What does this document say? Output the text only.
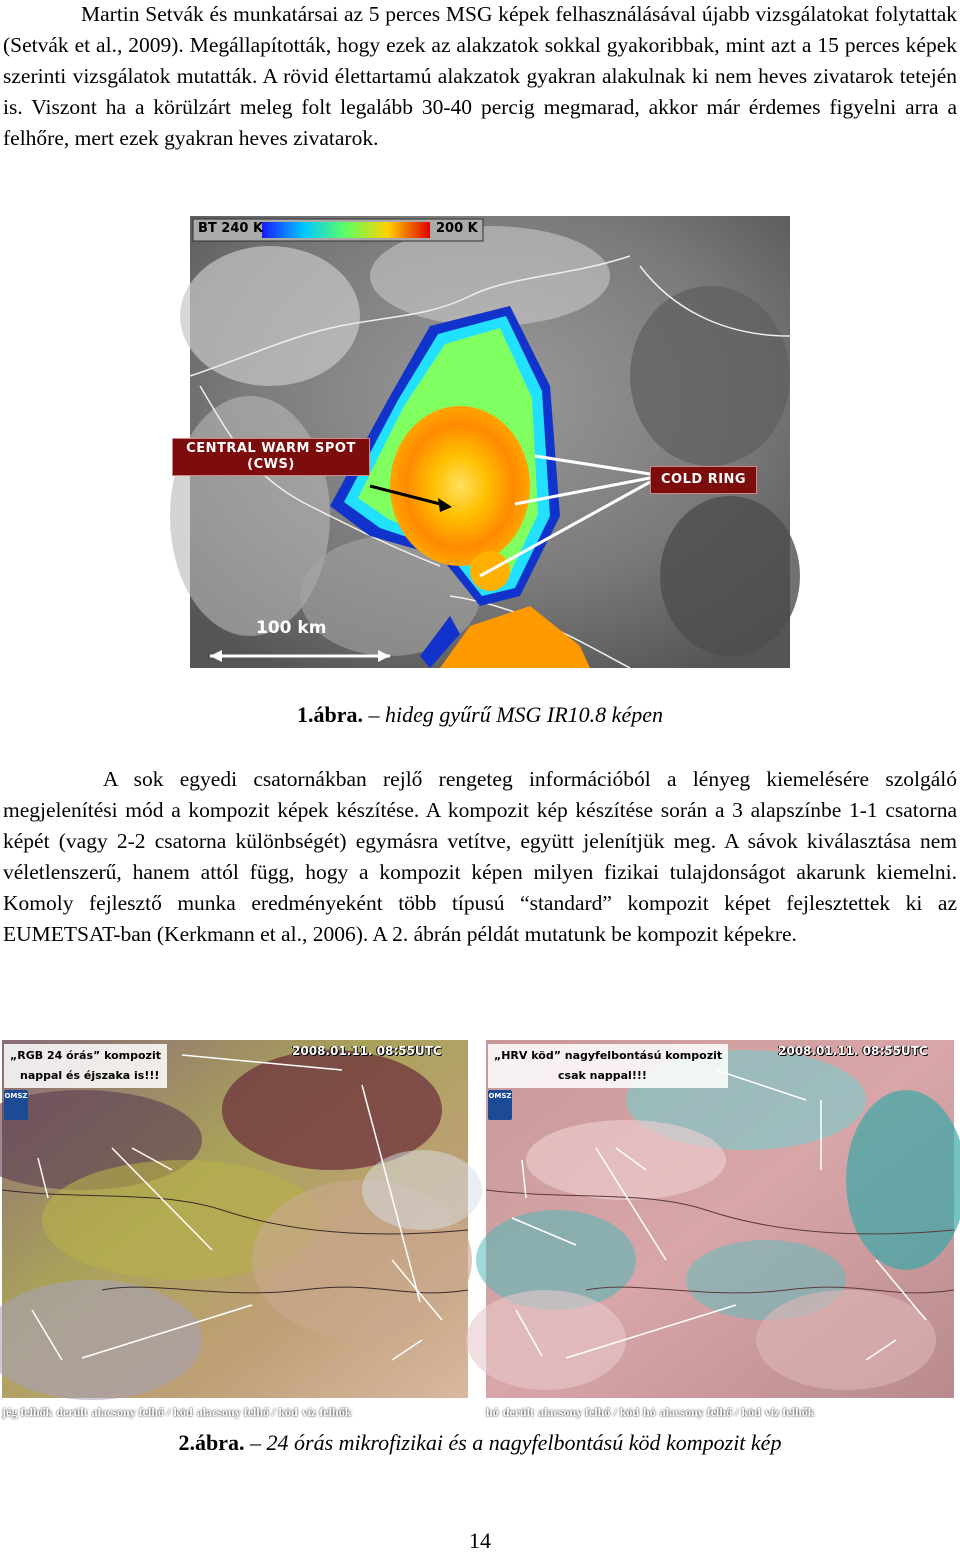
Martin Setvák és munkatársai az 5 perces MSG képek felhasználásával újabb vizsgálatokat folytattak (Setvák et al., 2009). Megállapították, hogy ezek az alakzatok sokkal gyakoribbak, mint azt a 15 perces képek szerinti vizsgálatok mutatták. A rövid élettartamú alakzatok gyakran alakulnak ki nem heves zivatarok tetején is. Viszont ha a körülzárt meleg folt legalább 30-40 percig megmarad, akkor már érdemes figyelni arra a felhőre, mert ezek gyakran heves zivatarok.

BT 240 K	200 K
CENTRAL WARM SPOT (CWS)
COLD RING
100 km
1.ábra. – hideg gyűrű MSG IR10.8 képen

A sok egyedi csatornákban rejlő rengeteg információból a lényeg kiemelésére szolgáló megjelenítési mód a kompozit képek készítése. A kompozit kép készítése során a 3 alapszínbe 1-1 csatorna képét (vagy 2-2 csatorna különbségét) egymásra vetítve, együtt jelenítjük meg. A sávok kiválasztása nem véletlenszerű, hanem attól függ, hogy a kompozit képen milyen fizikai tulajdonságot akarunk kiemelni. Komoly fejlesztő munka eredményeként több típusú “standard” kompozit képet fejlesztettek ki az EUMETSAT-ban (Kerkmann et al., 2006). A 2. ábrán példát mutatunk be kompozit képekre.

„RGB 24 órás” kompozit
nappal és éjszaka is!!!
2008.01.11. 08:55UTC
OMSZ
jég felhők derült alacsony felhő / köd alacsony felhő / köd víz felhők

„HRV köd” nagyfelbontású kompozit
csak nappal!!!
2008.01.11. 08:55UTC
OMSZ
hó derült alacsony felhő / köd hó alacsony felhő / köd víz felhők
2.ábra. – 24 órás mikrofizikai és a nagyfelbontású köd kompozit kép
14
